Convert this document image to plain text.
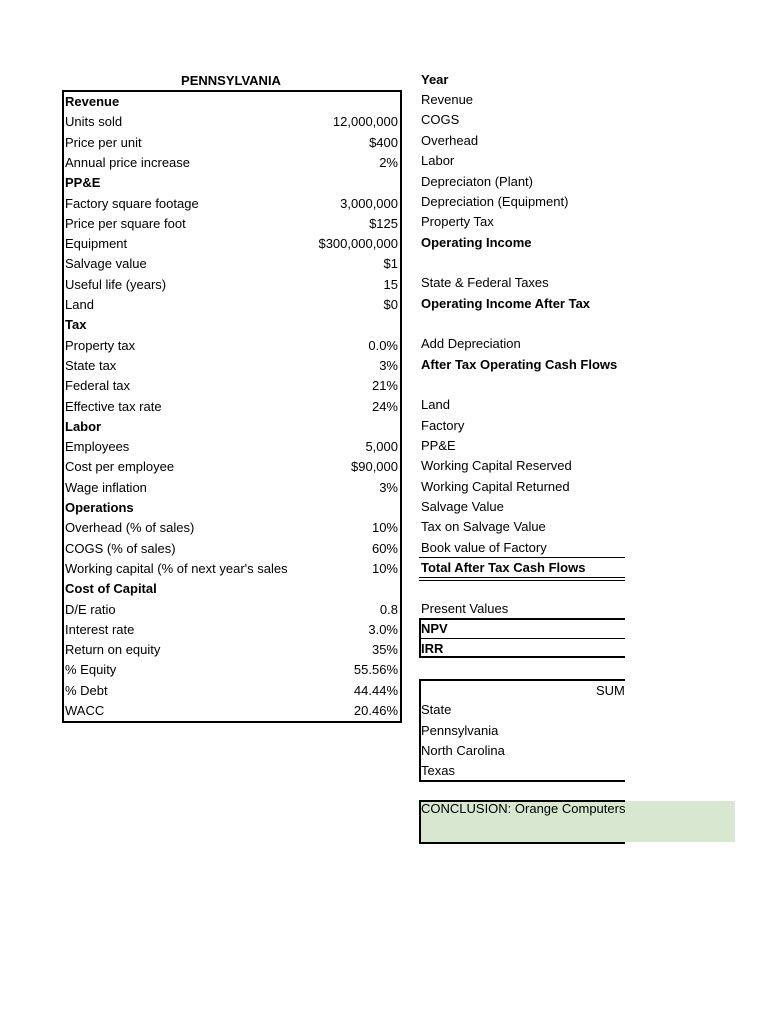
PENNSYLVANIA
Revenue
Units sold	12,000,000
Price per unit	$400
Annual price increase	2%
PP&E
Factory square footage	3,000,000
Price per square foot	$125
Equipment	$300,000,000
Salvage value	$1
Useful life (years)	15
Land	$0
Tax
Property tax	0.0%
State tax	3%
Federal tax	21%
Effective tax rate	24%
Labor
Employees	5,000
Cost per employee	$90,000
Wage inflation	3%
Operations
Overhead (% of sales)	10%
COGS (% of sales)	60%
Working capital (% of next year's sales	10%
Cost of Capital
D/E ratio	0.8
Interest rate	3.0%
Return on equity	35%
% Equity	55.56%
% Debt	44.44%
WACC	20.46%
Year
Revenue
COGS
Overhead
Labor
Depreciaton (Plant)
Depreciation (Equipment)
Property Tax
Operating Income
State & Federal Taxes
Operating Income After Tax
Add Depreciation
After Tax Operating Cash Flows
Land
Factory
PP&E
Working Capital Reserved
Working Capital Returned
Salvage Value
Tax on Salvage Value
Book value of Factory
Total After Tax Cash Flows
Present Values
NPV
IRR
SUM
State
Pennsylvania
North Carolina
Texas
CONCLUSION: Orange Computers
